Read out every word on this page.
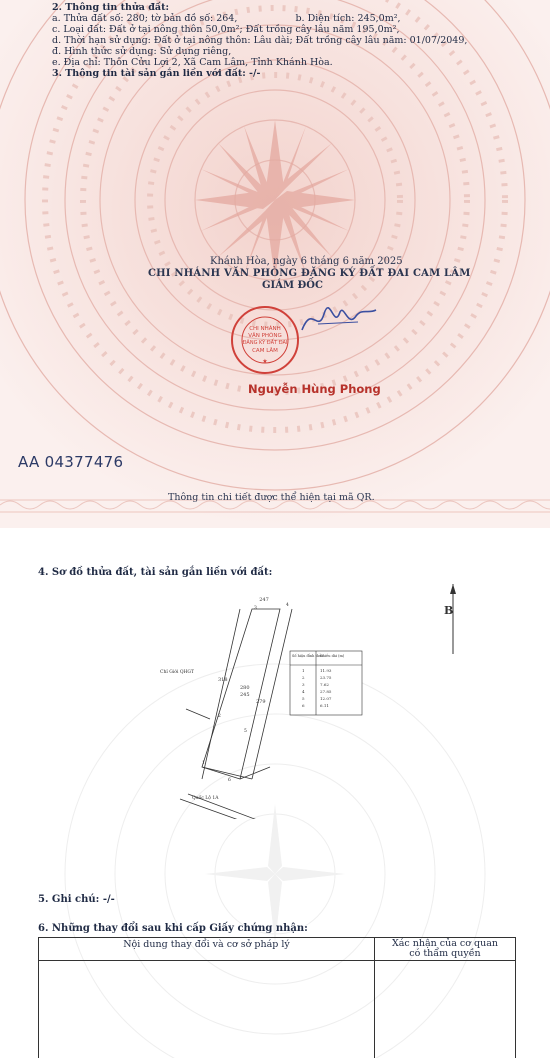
2. Thông tin thửa đất:
a. Thửa đất số: 280; tờ bản đồ số: 264,	b. Diện tích: 245,0m²,
c. Loại đất: Đất ở tại nông thôn 50,0m²; Đất trồng cây lâu năm 195,0m²,
d. Thời hạn sử dụng: Đất ở tại nông thôn: Lâu dài; Đất trồng cây lâu năm: 01/07/2049,
đ. Hình thức sử dụng: Sử dụng riêng,
e. Địa chỉ: Thôn Cửu Lợi 2, Xã Cam Lâm, Tỉnh Khánh Hòa.
3. Thông tin tài sản gắn liền với đất: -/-
Khánh Hòa, ngày 6 tháng 6 năm 2025
CHI NHÁNH VĂN PHÒNG ĐĂNG KÝ ĐẤT ĐAI CAM LÂM
GIÁM ĐỐC
CHI NHÁNH
VĂN PHÒNG
ĐĂNG KÝ ĐẤT ĐAI
CAM LÂM
★
Nguyễn Hùng Phong
AA 04377476
Thông tin chi tiết được thể hiện tại mã QR.
4. Sơ đồ thửa đất, tài sản gắn liền với đất:
247
318
280
245
279
Chỉ Giới QHGT
Quốc Lộ 1A
3
4
2
5
1
6
Số hiệu đỉnh thửa
Chiều dài (m)
1	11.93
2	23.75
3	7.62
4	27.85
5	12.07
6	6.11
B
5. Ghi chú: -/-
6. Những thay đổi sau khi cấp Giấy chứng nhận:
Nội dung thay đổi và cơ sở pháp lý	Xác nhận của cơ quan
có thẩm quyền
